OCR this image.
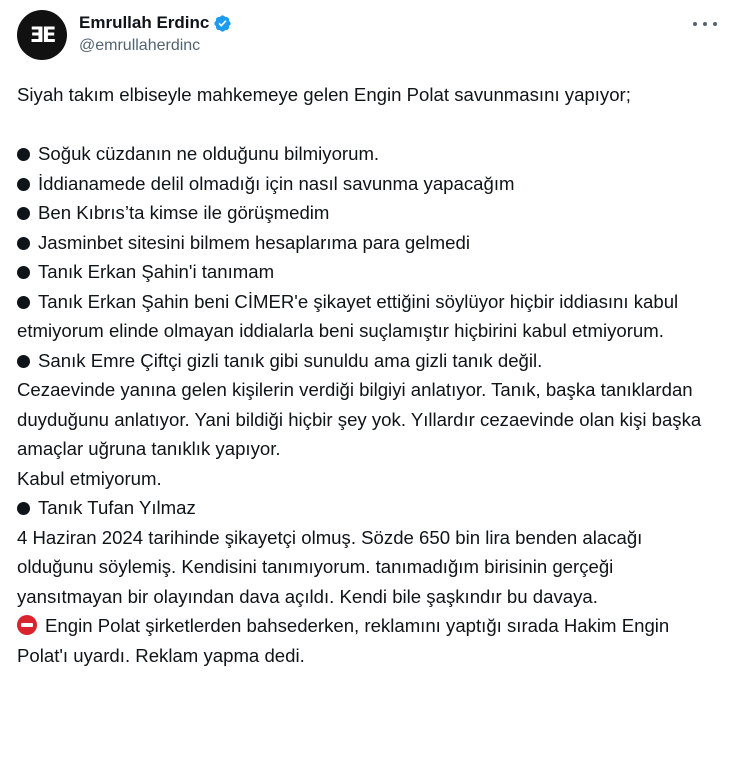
ƎE
Emrullah Erdinc
@emrullaherdinc

Siyah takım elbiseyle mahkemeye gelen Engin Polat savunmasını yapıyor;

Soğuk cüzdanın ne olduğunu bilmiyorum.

İddianamede delil olmadığı için nasıl savunma yapacağım

Ben Kıbrıs’ta kimse ile görüşmedim

Jasminbet sitesini bilmem hesaplarıma para gelmedi

Tanık Erkan Şahin'i tanımam

Tanık Erkan Şahin beni CİMER'e şikayet ettiğini söylüyor hiçbir iddiasını kabul etmiyorum elinde olmayan iddialarla beni suçlamıştır hiçbirini kabul etmiyorum.

Sanık Emre Çiftçi gizli tanık gibi sunuldu ama gizli tanık değil.

Cezaevinde yanına gelen kişilerin verdiği bilgiyi anlatıyor. Tanık, başka tanıklardan duyduğunu anlatıyor. Yani bildiği hiçbir şey yok. Yıllardır cezaevinde olan kişi başka amaçlar uğruna tanıklık yapıyor.

Kabul etmiyorum.

Tanık Tufan Yılmaz

4 Haziran 2024 tarihinde şikayetçi olmuş. Sözde 650 bin lira benden alacağı olduğunu söylemiş. Kendisini tanımıyorum. tanımadığım birisinin gerçeği yansıtmayan bir olayından dava açıldı. Kendi bile şaşkındır bu davaya.

Engin Polat şirketlerden bahsederken, reklamını yaptığı sırada Hakim Engin Polat'ı uyardı. Reklam yapma dedi.
